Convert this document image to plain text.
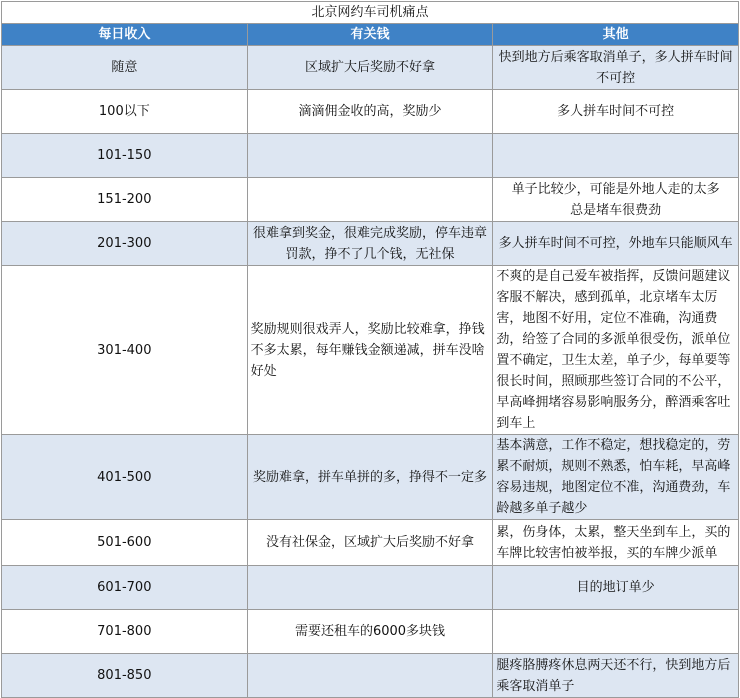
北京网约车司机痛点		
每日收入	有关钱	其他
随意	区域扩大后奖励不好拿	快到地方后乘客取消单子，多人拼车时间不可控
100以下	滴滴佣金收的高，奖励少	多人拼车时间不可控
101-150		
151-200		单子比较少，可能是外地人走的太多
总是堵车很费劲
201-300	很难拿到奖金，很难完成奖励，停车违章罚款，挣不了几个钱，无社保	多人拼车时间不可控，外地车只能顺风车
301-400	奖励规则很戏弄人，奖励比较难拿，挣钱不多太累，每年赚钱金额递减，拼车没啥好处	不爽的是自己爱车被指挥，反馈问题建议客服不解决，感到孤单，北京堵车太厉害，地图不好用，定位不准确，沟通费劲，给签了合同的多派单很受伤，派单位置不确定，卫生太差，单子少，每单要等很长时间，照顾那些签订合同的不公平，早高峰拥堵容易影响服务分，醉酒乘客吐到车上
401-500	奖励难拿，拼车单拼的多，挣得不一定多	基本满意，工作不稳定，想找稳定的，劳累不耐烦，规则不熟悉，怕车耗，早高峰容易违规，地图定位不准，沟通费劲，车龄越多单子越少
501-600	没有社保金，区域扩大后奖励不好拿	累，伤身体，太累，整天坐到车上，买的车牌比较害怕被举报，买的车牌少派单
601-700		目的地订单少
701-800	需要还租车的6000多块钱	
801-850		腿疼胳膊疼休息两天还不行，快到地方后乘客取消单子
